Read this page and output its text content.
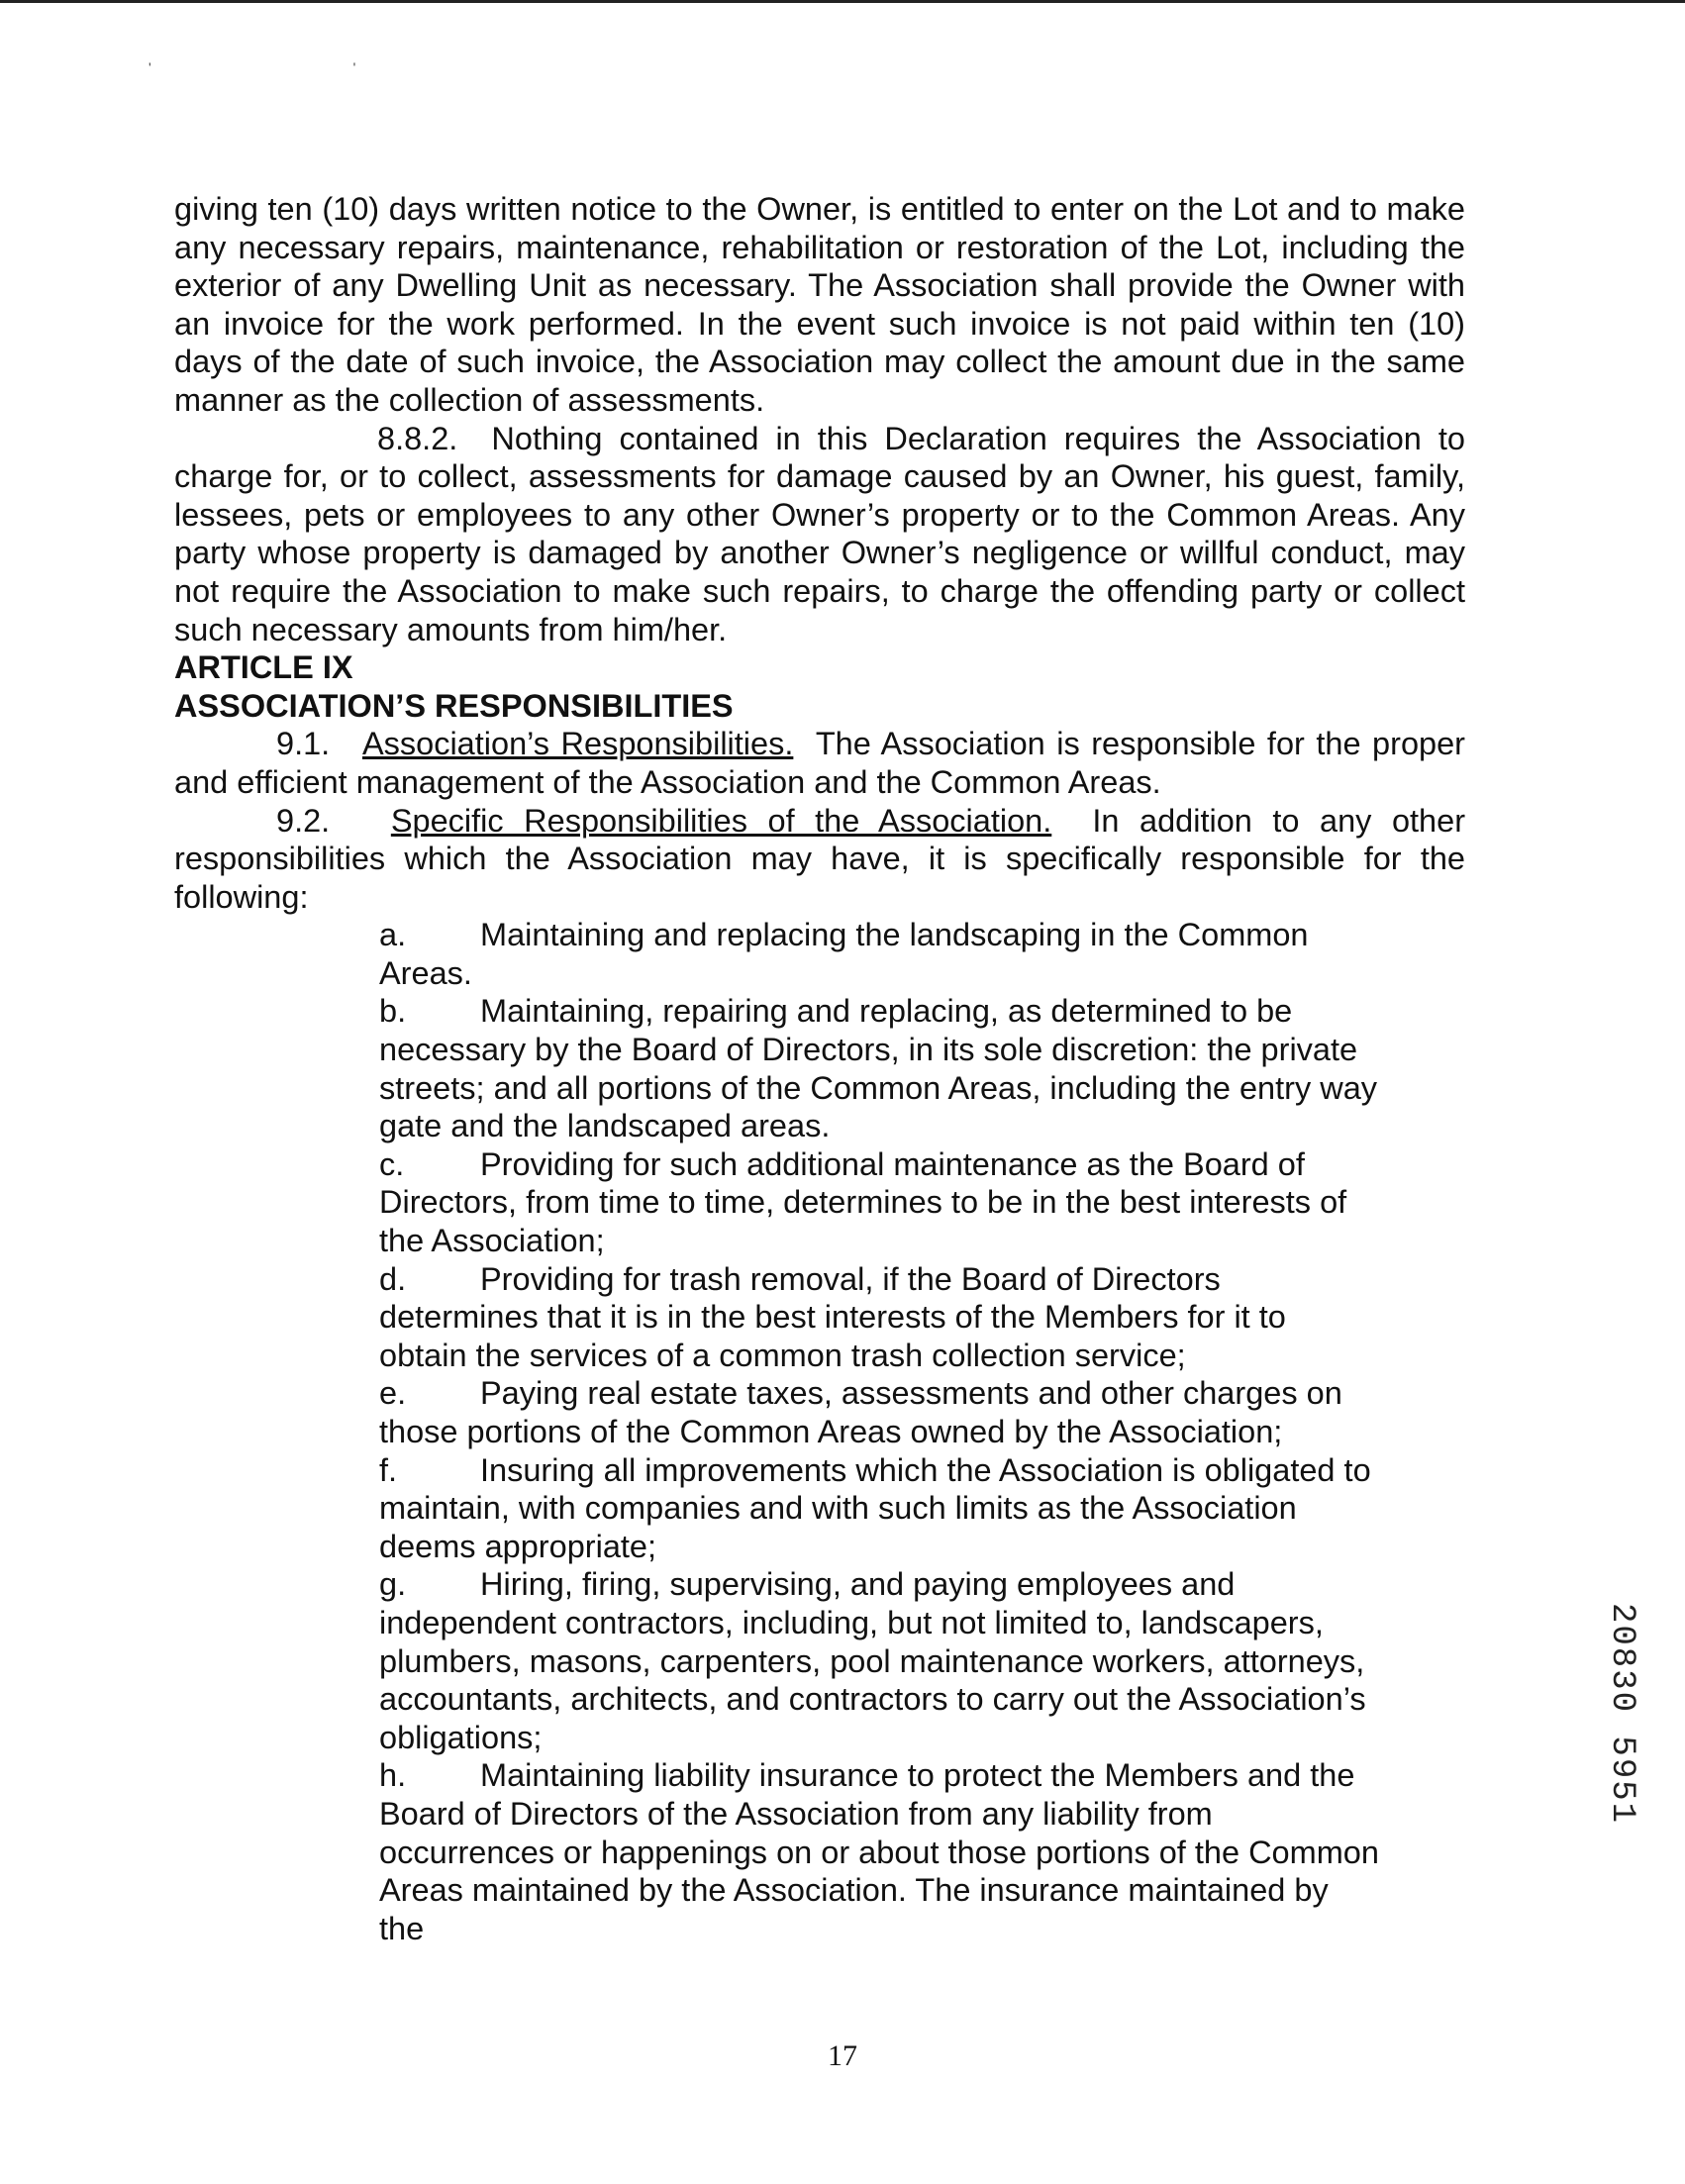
' '

giving ten (10) days written notice to the Owner, is entitled to enter on the Lot and to make any necessary repairs, maintenance, rehabilitation or restoration of the Lot, including the exterior of any Dwelling Unit as necessary. The Association shall provide the Owner with an invoice for the work performed. In the event such invoice is not paid within ten (10) days of the date of such invoice, the Association may collect the amount due in the same manner as the collection of assessments.

8.8.2. Nothing contained in this Declaration requires the Association to charge for, or to collect, assessments for damage caused by an Owner, his guest, family, lessees, pets or employees to any other Owner’s property or to the Common Areas. Any party whose property is damaged by another Owner’s negligence or willful conduct, may not require the Association to make such repairs, to charge the offending party or collect such necessary amounts from him/her.

ARTICLE IX

ASSOCIATION’S RESPONSIBILITIES

9.1. Association’s Responsibilities. The Association is responsible for the proper and efficient management of the Association and the Common Areas.

9.2. Specific Responsibilities of the Association. In addition to any other responsibilities which the Association may have, it is specifically responsible for the following:

a. Maintaining and replacing the landscaping in the Common Areas.
b. Maintaining, repairing and replacing, as determined to be necessary by the Board of Directors, in its sole discretion: the private streets; and all portions of the Common Areas, including the entry way gate and the landscaped areas.
c. Providing for such additional maintenance as the Board of Directors, from time to time, determines to be in the best interests of the Association;
d. Providing for trash removal, if the Board of Directors determines that it is in the best interests of the Members for it to obtain the services of a common trash collection service;
e. Paying real estate taxes, assessments and other charges on those portions of the Common Areas owned by the Association;
f.	Insuring all improvements which the Association is obligated to maintain, with companies and with such limits as the Association deems appropriate;
g. Hiring, firing, supervising, and paying employees and independent contractors, including, but not limited to, landscapers, plumbers, masons, carpenters, pool maintenance workers, attorneys, accountants, architects, and contractors to carry out the Association’s obligations;
h. Maintaining liability insurance to protect the Members and the Board of Directors of the Association from any liability from occurrences or happenings on or about those portions of the Common Areas maintained by the Association. The insurance maintained by the
17
20830 5951
